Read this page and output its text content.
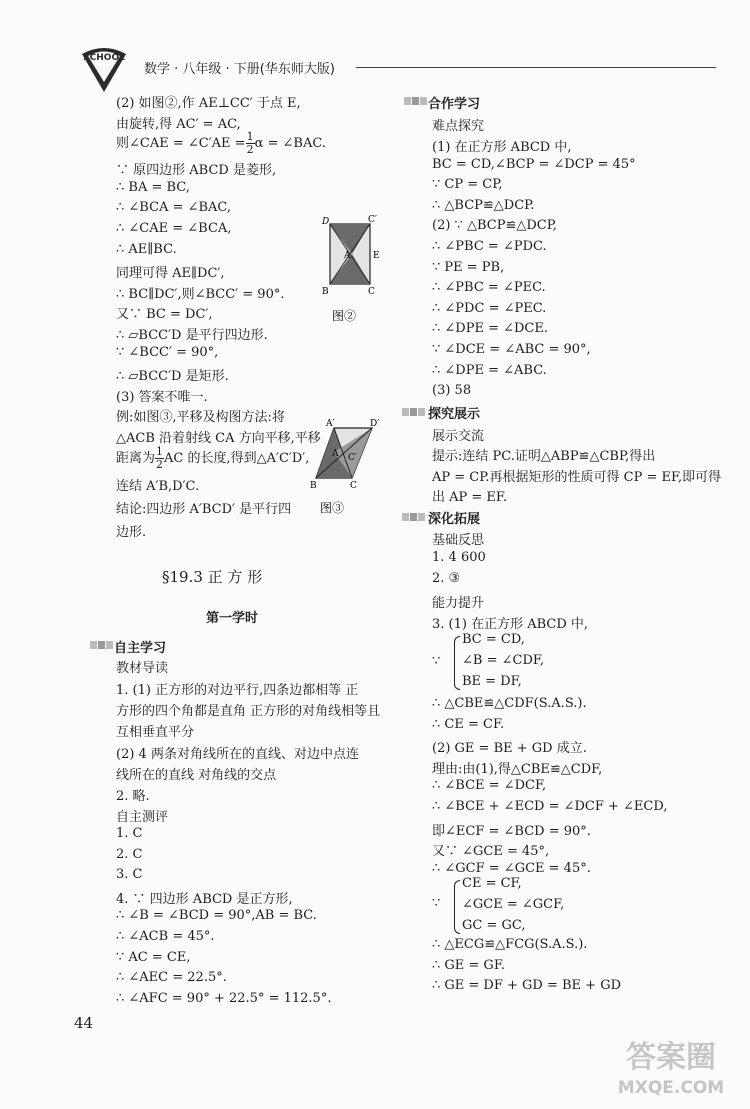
SCHOOL
数学 · 八年级 · 下册(华东师大版)
D	C′
A	E
B	C
图②
A′	D′
A C′
B	C
图③
答案圈
MXQE.COM
(2) 如图②,作 AE⊥CC′ 于点 E,
由旋转,得 AC′ = AC,
则∠CAE = ∠C′AE = $\frac{1}{2}$ α = ∠BAC.
∵ 原四边形 ABCD 是菱形,
∴ BA = BC,
∴ ∠BCA = ∠BAC,
∴ ∠CAE = ∠BCA,
∴ AE∥BC.
同理可得 AE∥DC′,
∴ BC∥DC′,则∠BCC′ = 90°.
又∵ BC = DC′,
∴ ▱BCC′D 是平行四边形.
∵ ∠BCC′ = 90°,
∴ ▱BCC′D 是矩形.
(3) 答案不唯一.
例:如图③,平移及构图方法:将
△ACB 沿着射线 CA 方向平移,平移
距离为 $\frac{1}{2}$ AC 的长度,得到△A′C′D′,
连结 A′B,D′C.
结论:四边形 A′BCD′ 是平行四
边形.
§19.3 正 方 形
第一学时
自主学习
教材导读
1. (1) 正方形的对边平行,四条边都相等 正
方形的四个角都是直角 正方形的对角线相等且
互相垂直平分
(2) 4 两条对角线所在的直线、对边中点连
线所在的直线 对角线的交点
2. 略.
自主测评
1. C
2. C
3. C
4. ∵ 四边形 ABCD 是正方形,
∴ ∠B = ∠BCD = 90°,AB = BC.
∴ ∠ACB = 45°.
∵ AC = CE,
∴ ∠AEC = 22.5°.
∴ ∠AFC = 90° + 22.5° = 112.5°.
44
合作学习
难点探究
(1) 在正方形 ABCD 中,
BC = CD,∠BCP = ∠DCP = 45°
∵ CP = CP,
∴ △BCP≌△DCP.
(2) ∵ △BCP≌△DCP,
∴ ∠PBC = ∠PDC.
∵ PE = PB,
∴ ∠PBC = ∠PEC.
∴ ∠PDC = ∠PEC.
∴ ∠DPE = ∠DCE.
∵ ∠DCE = ∠ABC = 90°,
∴ ∠DPE = ∠ABC.
(3) 58
探究展示
展示交流
提示:连结 PC.证明△ABP≌△CBP,得出
AP = CP.再根据矩形的性质可得 CP = EF,即可得
出 AP = EF.
深化拓展
基础反思
1. 4 600
2. ③
能力提升
3. (1) 在正方形 ABCD 中,
∵
BC = CD,
∠B = ∠CDF,
BE = DF,
∴ △CBE≌△CDF(S.A.S.).
∴ CE = CF.
(2) GE = BE + GD 成立.
理由:由(1),得△CBE≌△CDF,
∴ ∠BCE = ∠DCF,
∴ ∠BCE + ∠ECD = ∠DCF + ∠ECD,
即∠ECF = ∠BCD = 90°.
又∵ ∠GCE = 45°,
∴ ∠GCF = ∠GCE = 45°.
∵
CE = CF,
∠GCE = ∠GCF,
GC = GC,
∴ △ECG≌△FCG(S.A.S.).
∴ GE = GF.
∴ GE = DF + GD = BE + GD
